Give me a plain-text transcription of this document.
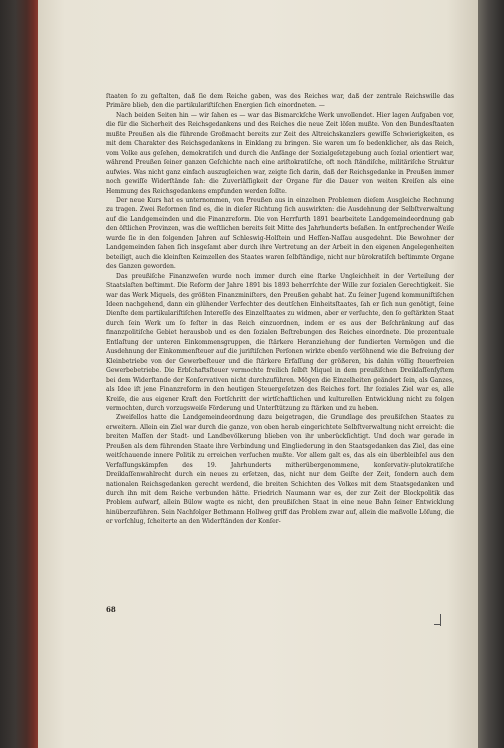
ſtaaten ſo zu geſtalten, daß ſie dem Reiche gaben, was des Reiches war, daß der zentrale Reichswille das Primäre blieb, den die partikulariſtiſchen Energien ſich einordneten. —

Nach beiden Seiten hin — wir ſahen es — war das Bismarckſche Werk unvollendet. Hier lagen Aufgaben vor, die für die Sicherheit des Reichsgedankens und des Reiches die neue Zeit löſen mußte. Von den Bundesſtaaten mußte Preußen als die führende Großmacht bereits zur Zeit des Altreichskanzlers gewiſſe Schwierigkeiten, es mit dem Charakter des Reichsgedankens in Einklang zu bringen. Sie waren um ſo bedenklicher, als das Reich, vom Volke aus geſehen, demokratiſch und durch die Anfänge der Sozialgeſetzgebung auch ſozial orientiert war, während Preußen ſeiner ganzen Geſchichte nach eine ariſtokratiſche, oft noch ſtändiſche, militäriſche Struktur aufwies. Was nicht ganz einfach auszugleichen war, zeigte ſich darin, daß der Reichsgedanke in Preußen immer noch gewiſſe Widerſtände ſah: die Zuverläſſigkeit der Organe für die Dauer von weiten Kreiſen als eine Hemmung des Reichsgedankens empfunden werden ſollte.

Der neue Kurs hat es unternommen, von Preußen aus in einzelnen Problemen dieſem Ausgleiche Rechnung zu tragen. Zwei Reformen ſind es, die in dieſer Richtung ſich auswirkten: die Ausdehnung der Selbſtverwaltung auf die Landgemeinden und die Finanzreform. Die von Herrfurth 1891 bearbeitete Landgemeindeordnung gab den öſtlichen Provinzen, was die weſtlichen bereits ſeit Mitte des Jahrhunderts beſaßen. In entſprechender Weiſe wurde ſie in den folgenden Jahren auf Schleswig-Holſtein und Heſſen-Naſſau ausgedehnt. Die Bewohner der Landgemeinden ſahen ſich insgeſamt aber durch ihre Vertretung an der Arbeit in den eigenen Angelegenheiten beteiligt, auch die kleinſten Keimzellen des Staates waren ſelbſtändige, nicht nur bürokratiſch beſtimmte Organe des Ganzen geworden.

Das preußiſche Finanzweſen wurde noch immer durch eine ſtarke Ungleichheit in der Verteilung der Staatslaſten beſtimmt. Die Reform der Jahre 1891 bis 1893 beherrſchte der Wille zur ſozialen Gerechtigkeit. Sie war das Werk Miquels, des größten Finanzminiſters, den Preußen gehabt hat. Zu ſeiner Jugend kommuniſtiſchen Ideen nachgehend, dann ein glühender Verfechter des deutſchen Einheitsſtaates, ſah er ſich nun genötigt, ſeine Dienſte dem partikulariſtiſchen Intereſſe des Einzelſtaates zu widmen, aber er verſuchte, den ſo geſtärkten Staat durch ſein Werk um ſo feſter in das Reich einzuordnen, indem er es aus der Beſchränkung auf das finanzpolitiſche Gebiet herausbob und es den ſozialen Beſtrebungen des Reiches einordnete. Die prozentuale Entlaſtung der unteren Einkommensgruppen, die ſtärkere Heranziehung der fundierten Vermögen und die Ausdehnung der Einkommenſteuer auf die juriſtiſchen Perſonen wirkte ebenſo verſöhnend wie die Befreiung der Kleinbetriebe von der Gewerbeſteuer und die ſtärkere Erfaſſung der größeren, bis dahin völlig ſteuerfreien Gewerbebetriebe. Die Erbſchaftsſteuer vermochte freilich ſelbſt Miquel in dem preußiſchen Dreiklaſſenſyſtem bei dem Widerſtande der Konſervativen nicht durchzuführen. Mögen die Einzelheiten geändert ſein, als Ganzes, als Idee iſt jene Finanzreform in den heutigen Steuergeſetzen des Reiches fort. Ihr ſoziales Ziel war es, alle Kreiſe, die aus eigener Kraft den Fortſchritt der wirtſchaftlichen und kulturellen Entwicklung nicht zu folgen vermochten, durch vorzugsweiſe Förderung und Unterſtützung zu ſtärken und zu heben.

Zweifellos hatte die Landgemeindeordnung dazu beigetragen, die Grundlage des preußiſchen Staates zu erweitern. Allein ein Ziel war durch die ganze, von oben herab eingerichtete Selbſtverwaltung nicht erreicht: die breiten Maſſen der Stadt- und Landbevölkerung blieben von ihr unberückſichtigt. Und doch war gerade in Preußen als dem führenden Staate ihre Verbindung und Eingliederung in den Staatsgedanken das Ziel, das eine weitſchauende innere Politik zu erreichen verſuchen mußte. Vor allem galt es, das als ein überbleibſel aus den Verfaſſungskämpfen des 19. Jahrhunderts mitherübergenommene, konſervativ-plutokratiſche Dreiklaſſenwahlrecht durch ein neues zu erſetzen, das, nicht nur dem Geiſte der Zeit, ſondern auch dem nationalen Reichsgedanken gerecht werdend, die breiten Schichten des Volkes mit dem Staatsgedanken und durch ihn mit dem Reiche verbunden hätte. Friedrich Naumann war es, der zur Zeit der Blockpolitik das Problem aufwarf, allein Bülow wagte es nicht, den preußiſchen Staat in eine neue Bahn ſeiner Entwicklung hinüberzuführen. Sein Nachfolger Bethmann Hollweg griff das Problem zwar auf, allein die maßvolle Löſung, die er vorſchlug, ſcheiterte an den Widerſtänden der Konſer-

68
